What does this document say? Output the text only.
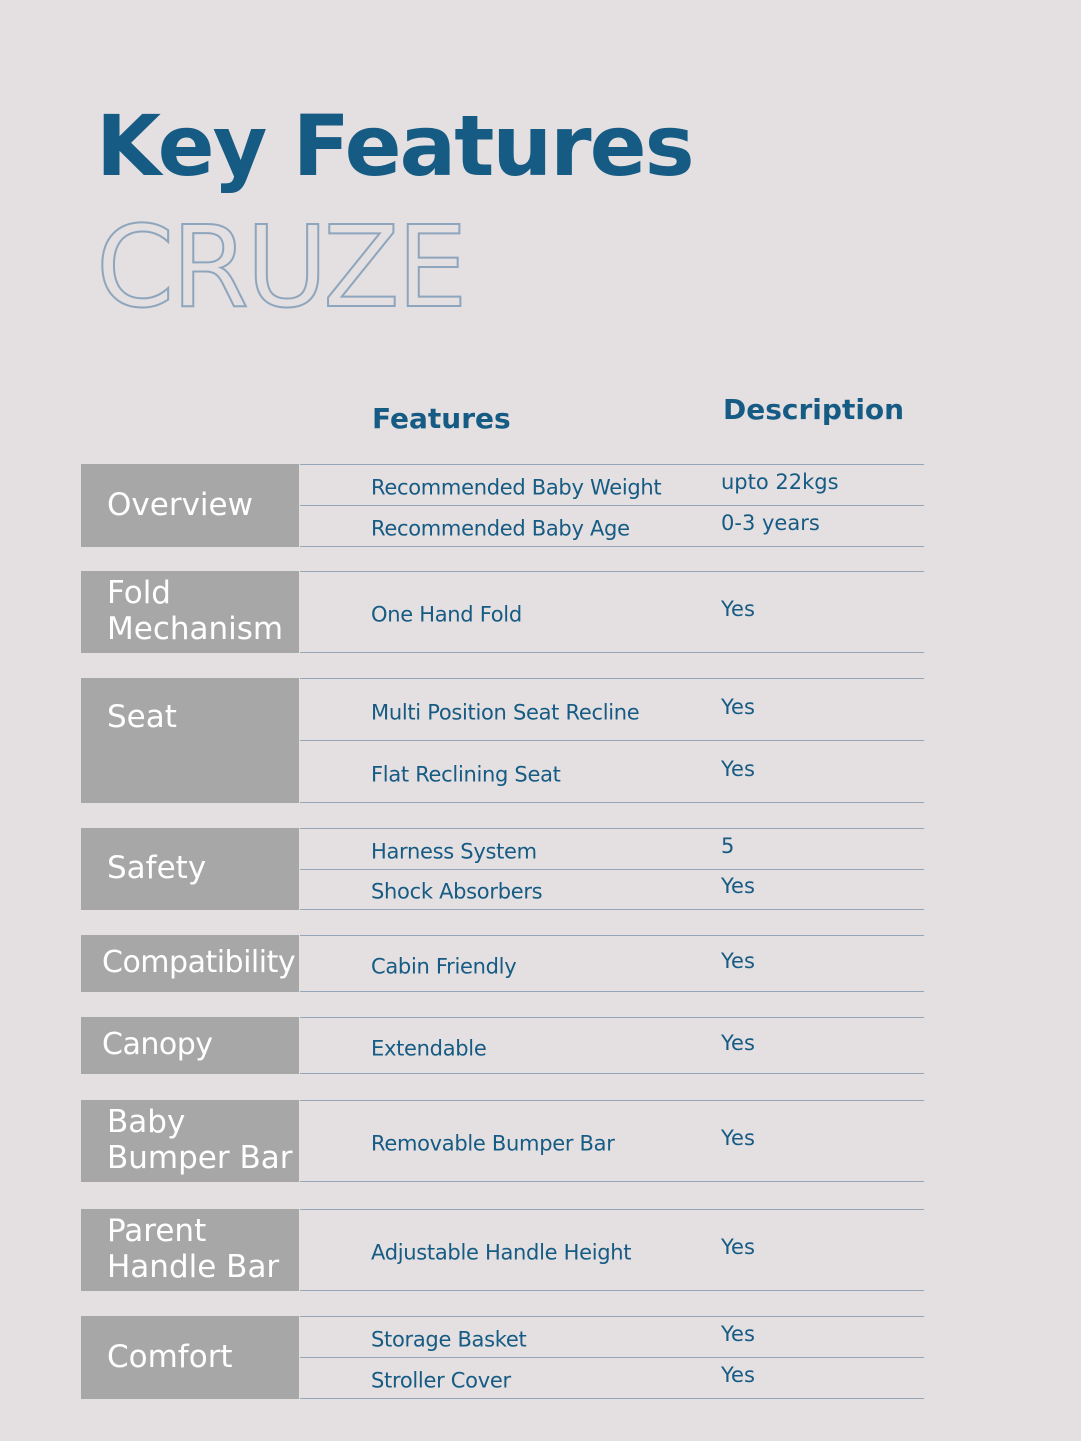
Key Features
CRUZE
Features	Description
Overview	Recommended Baby Weight	upto 22kgs
Recommended Baby Age	0-3 years
Fold
Mechanism	One Hand Fold	Yes
Seat	Multi Position Seat Recline	Yes
Flat Reclining Seat	Yes
Safety	Harness System	5
Shock Absorbers	Yes
Compatibility	Cabin Friendly	Yes
Canopy	Extendable	Yes
Baby
Bumper Bar	Removable Bumper Bar	Yes
Parent
Handle Bar	Adjustable Handle Height	Yes
Comfort	Storage Basket	Yes
Stroller Cover	Yes
